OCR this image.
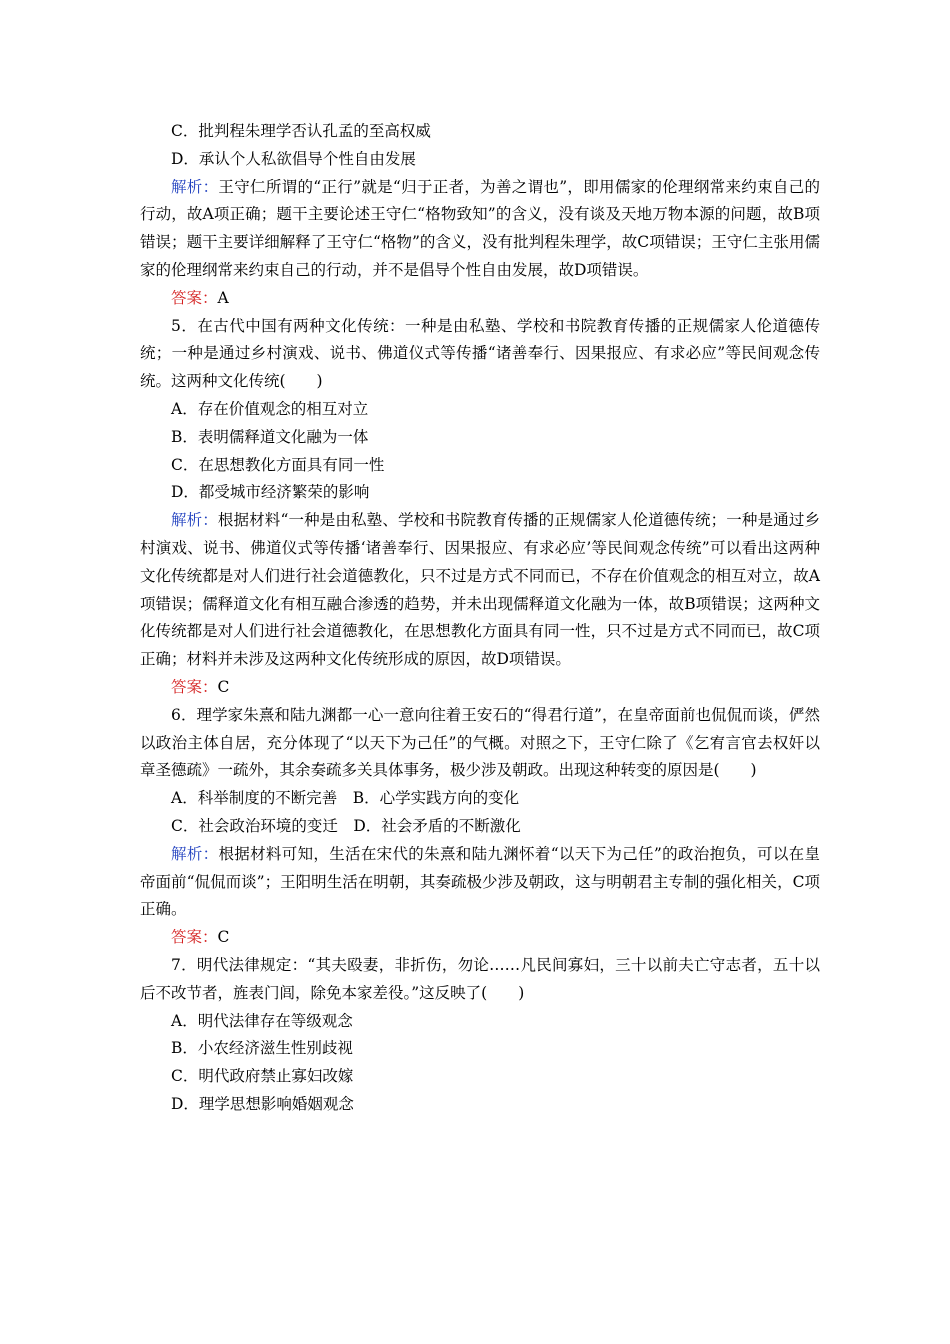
C．批判程朱理学否认孔孟的至高权威

D．承认个人私欲倡导个性自由发展

解析：王守仁所谓的“正行”就是“归于正者，为善之谓也”，即用儒家的伦理纲常来约束自己的行动，故A项正确；题干主要论述王守仁“格物致知”的含义，没有谈及天地万物本源的问题，故B项错误；题干主要详细解释了王守仁“格物”的含义，没有批判程朱理学，故C项错误；王守仁主张用儒家的伦理纲常来约束自己的行动，并不是倡导个性自由发展，故D项错误。

答案：A

5．在古代中国有两种文化传统：一种是由私塾、学校和书院教育传播的正规儒家人伦道德传统；一种是通过乡村演戏、说书、佛道仪式等传播“诸善奉行、因果报应、有求必应”等民间观念传统。这两种文化传统(　　)

A．存在价值观念的相互对立

B．表明儒释道文化融为一体

C．在思想教化方面具有同一性

D．都受城市经济繁荣的影响

解析：根据材料“一种是由私塾、学校和书院教育传播的正规儒家人伦道德传统；一种是通过乡村演戏、说书、佛道仪式等传播‘诸善奉行、因果报应、有求必应’等民间观念传统”可以看出这两种文化传统都是对人们进行社会道德教化，只不过是方式不同而已，不存在价值观念的相互对立，故A项错误；儒释道文化有相互融合渗透的趋势，并未出现儒释道文化融为一体，故B项错误；这两种文化传统都是对人们进行社会道德教化，在思想教化方面具有同一性，只不过是方式不同而已，故C项正确；材料并未涉及这两种文化传统形成的原因，故D项错误。

答案：C

6．理学家朱熹和陆九渊都一心一意向往着王安石的“得君行道”，在皇帝面前也侃侃而谈，俨然以政治主体自居，充分体现了“以天下为己任”的气概。对照之下，王守仁除了《乞宥言官去权奸以章圣德疏》一疏外，其余奏疏多关具体事务，极少涉及朝政。出现这种转变的原因是(　　)

A．科举制度的不断完善　B．心学实践方向的变化

C．社会政治环境的变迁　D．社会矛盾的不断激化

解析：根据材料可知，生活在宋代的朱熹和陆九渊怀着“以天下为己任”的政治抱负，可以在皇帝面前“侃侃而谈”；王阳明生活在明朝，其奏疏极少涉及朝政，这与明朝君主专制的强化相关，C项正确。

答案：C

7．明代法律规定：“其夫殴妻，非折伤，勿论……凡民间寡妇，三十以前夫亡守志者，五十以后不改节者，旌表门闾，除免本家差役。”这反映了(　　)

A．明代法律存在等级观念

B．小农经济滋生性别歧视

C．明代政府禁止寡妇改嫁

D．理学思想影响婚姻观念
